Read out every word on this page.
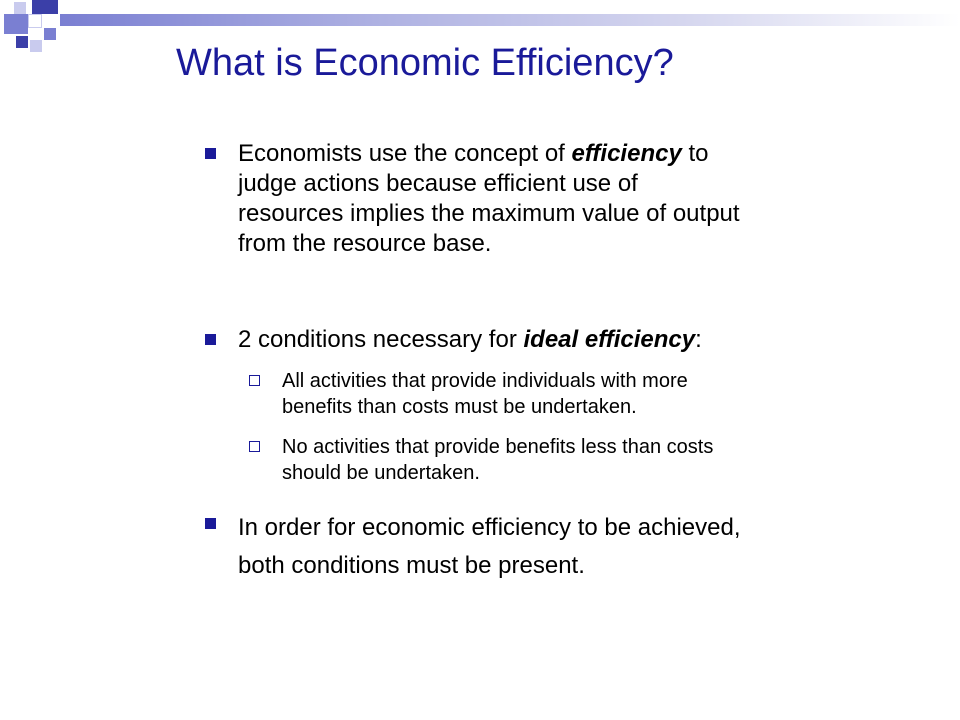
What is Economic Efficiency?
Economists use the concept of efficiency to
judge actions because efficient use of
resources implies the maximum value of output
from the resource base.
2 conditions necessary for ideal efficiency:
All activities that provide individuals with more
benefits than costs must be undertaken.
No activities that provide benefits less than costs
should be undertaken.
In order for economic efficiency to be achieved,
both conditions must be present.
